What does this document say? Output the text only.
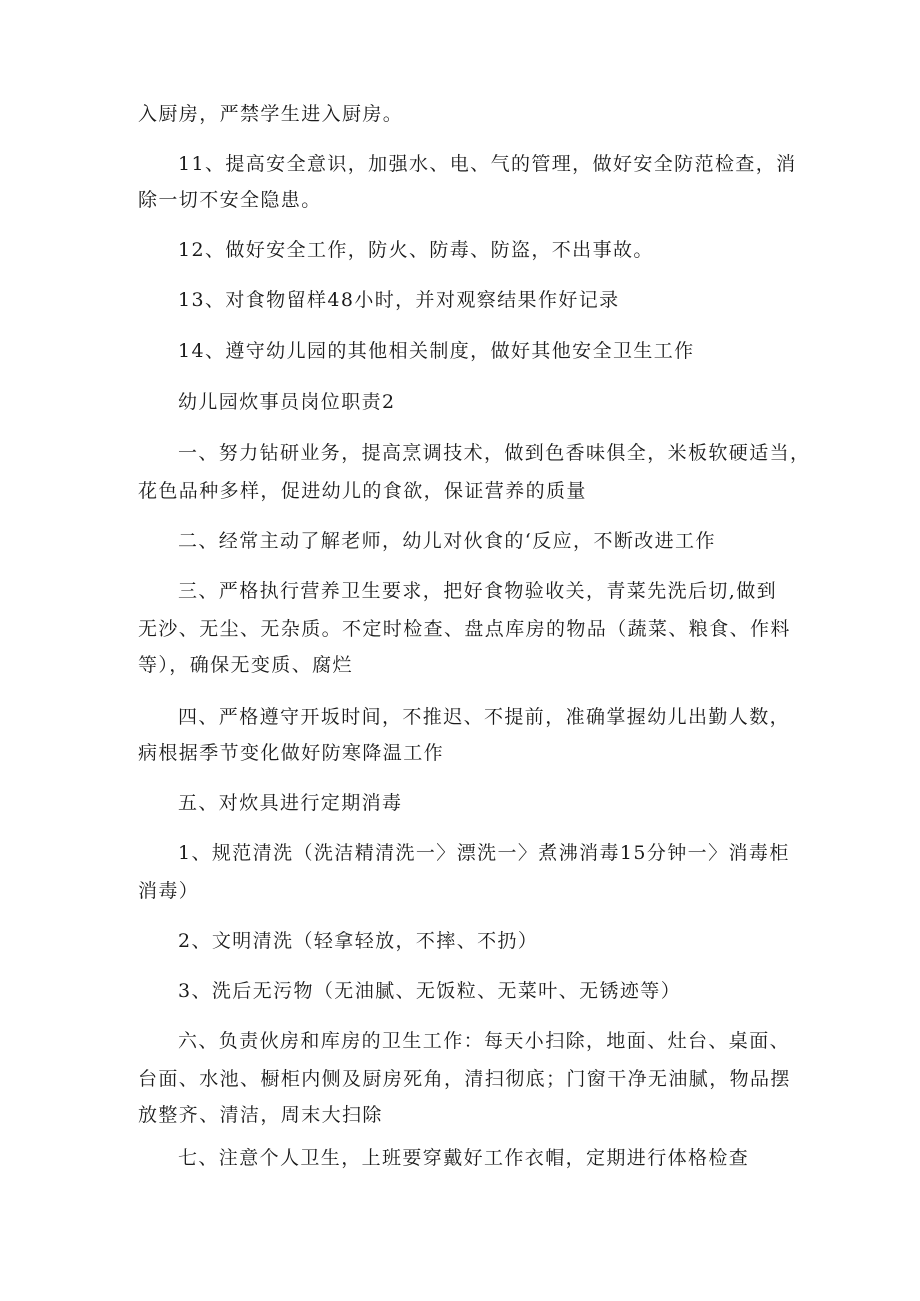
入厨房，严禁学生进入厨房。
11、提高安全意识，加强水、电、气的管理，做好安全防范检查，消
除一切不安全隐患。
12、做好安全工作，防火、防毒、防盗，不出事故。
13、对食物留样48小时，并对观察结果作好记录
14、遵守幼儿园的其他相关制度，做好其他安全卫生工作
幼儿园炊事员岗位职责2
一、努力钻研业务，提高烹调技术，做到色香味俱全，米板软硬适当，
花色品种多样，促进幼儿的食欲，保证营养的质量
二、经常主动了解老师，幼儿对伙食的‘反应，不断改进工作
三、严格执行营养卫生要求，把好食物验收关，青菜先洗后切,做到
无沙、无尘、无杂质。不定时检查、盘点库房的物品（蔬菜、粮食、作料
等），确保无变质、腐烂
四、严格遵守开坂时间，不推迟、不提前，准确掌握幼儿出勤人数，
病根据季节变化做好防寒降温工作
五、对炊具进行定期消毒
1、规范清洗（洗洁精清洗一〉漂洗一〉煮沸消毒15分钟一〉消毒柜
消毒）
2、文明清洗（轻拿轻放，不摔、不扔）
3、洗后无污物（无油腻、无饭粒、无菜叶、无锈迹等）
六、负责伙房和库房的卫生工作：每天小扫除，地面、灶台、桌面、
台面、水池、橱柜内侧及厨房死角，清扫彻底；门窗干净无油腻，物品摆
放整齐、清洁，周末大扫除
七、注意个人卫生，上班要穿戴好工作衣帽，定期进行体格检查
